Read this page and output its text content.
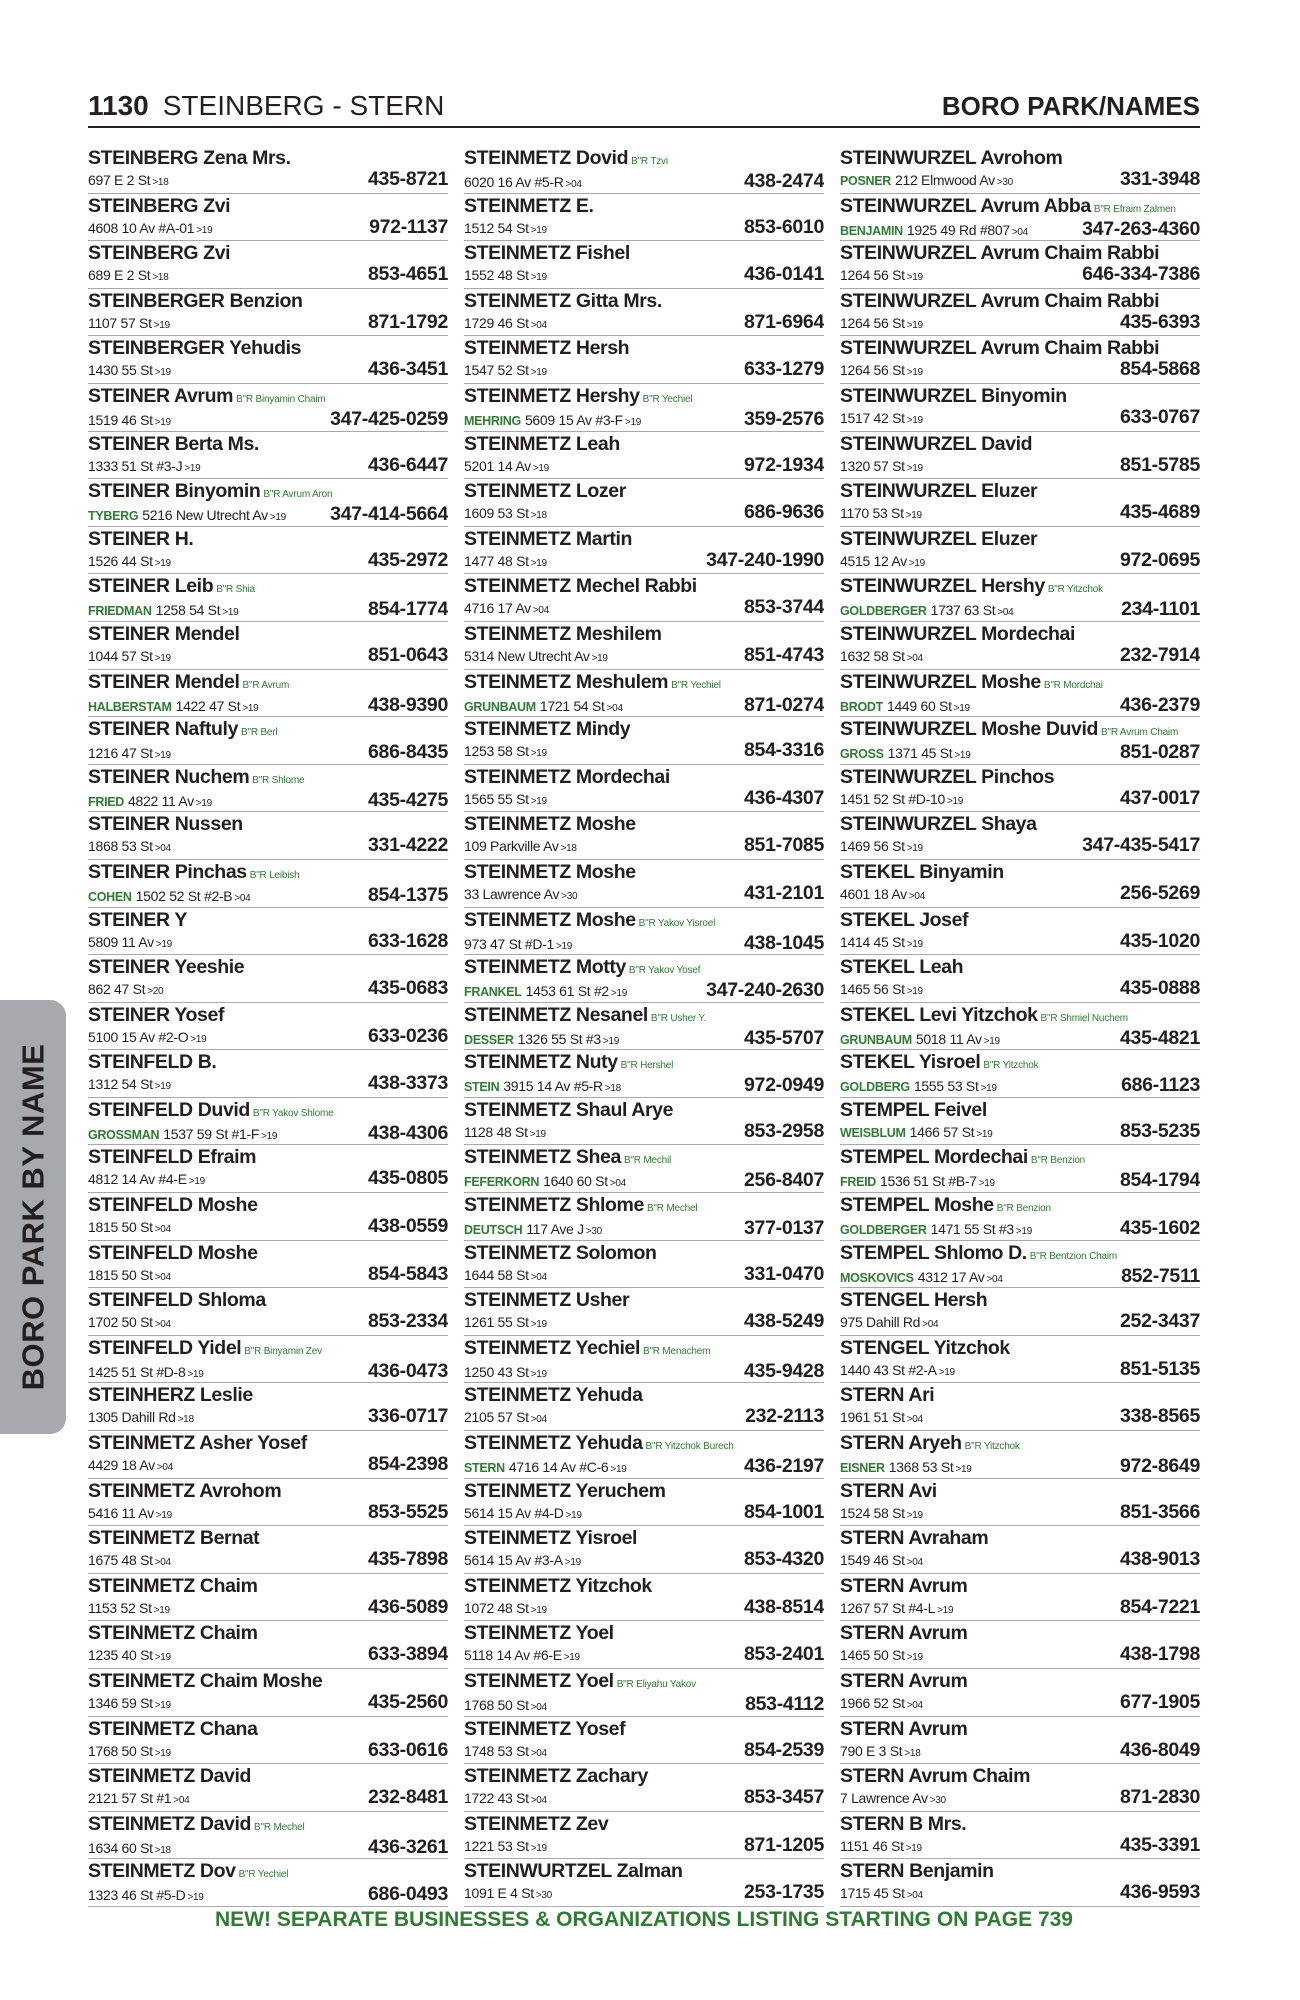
1130 STEINBERG - STERN	BORO PARK/NAMES
STEINBERG Zena Mrs.
697 E 2 St >18	435-8721
STEINBERG Zvi
4608 10 Av #A-01 >19	972-1137
STEINBERG Zvi
689 E 2 St >18	853-4651
STEINBERGER Benzion
1107 57 St >19	871-1792
STEINBERGER Yehudis
1430 55 St >19	436-3451
STEINER Avrum B"R Binyamin Chaim
1519 46 St >19	347-425-0259
STEINER Berta Ms.
1333 51 St #3-J >19	436-6447
STEINER Binyomin B"R Avrum Aron
TYBERG 5216 New Utrecht Av >19 347-414-5664
STEINER H.
1526 44 St >19	435-2972
STEINER Leib B"R Shia
FRIEDMAN 1258 54 St >19	854-1774
STEINER Mendel
1044 57 St >19	851-0643
STEINER Mendel B"R Avrum
HALBERSTAM 1422 47 St >19	438-9390
STEINER Naftuly B"R Berl
1216 47 St >19	686-8435
STEINER Nuchem B"R Shlome
FRIED 4822 11 Av >19	435-4275
STEINER Nussen
1868 53 St >04	331-4222
STEINER Pinchas B"R Leibish
COHEN 1502 52 St #2-B >04	854-1375
STEINER Y
5809 11 Av >19	633-1628
STEINER Yeeshie
862 47 St >20	435-0683
STEINER Yosef
5100 15 Av #2-O >19	633-0236
STEINFELD B.
1312 54 St >19	438-3373
STEINFELD Duvid B"R Yakov Shlome
GROSSMAN 1537 59 St #1-F >19	438-4306
STEINFELD Efraim
4812 14 Av #4-E >19	435-0805
STEINFELD Moshe
1815 50 St >04	438-0559
STEINFELD Moshe
1815 50 St >04	854-5843
STEINFELD Shloma
1702 50 St >04	853-2334
STEINFELD Yidel B"R Binyamin Zev
1425 51 St #D-8 >19	436-0473
STEINHERZ Leslie
1305 Dahill Rd >18	336-0717
STEINMETZ Asher Yosef
4429 18 Av >04	854-2398
STEINMETZ Avrohom
5416 11 Av >19	853-5525
STEINMETZ Bernat
1675 48 St >04	435-7898
STEINMETZ Chaim
1153 52 St >19	436-5089
STEINMETZ Chaim
1235 40 St >19	633-3894
STEINMETZ Chaim Moshe
1346 59 St >19	435-2560
STEINMETZ Chana
1768 50 St >19	633-0616
STEINMETZ David
2121 57 St #1 >04	232-8481
STEINMETZ David B"R Mechel
1634 60 St >18	436-3261
STEINMETZ Dov B"R Yechiel
1323 46 St #5-D >19	686-0493
STEINMETZ Dovid B"R Tzvi
6020 16 Av #5-R >04	438-2474
STEINMETZ E.
1512 54 St >19	853-6010
STEINMETZ Fishel
1552 48 St >19	436-0141
STEINMETZ Gitta Mrs.
1729 46 St >04	871-6964
STEINMETZ Hersh
1547 52 St >19	633-1279
STEINMETZ Hershy B"R Yechiel
MEHRING 5609 15 Av #3-F >19	359-2576
STEINMETZ Leah
5201 14 Av >19	972-1934
STEINMETZ Lozer
1609 53 St >18	686-9636
STEINMETZ Martin
1477 48 St >19	347-240-1990
STEINMETZ Mechel Rabbi
4716 17 Av >04	853-3744
STEINMETZ Meshilem
5314 New Utrecht Av >19	851-4743
STEINMETZ Meshulem B"R Yechiel
GRUNBAUM 1721 54 St >04	871-0274
STEINMETZ Mindy
1253 58 St >19	854-3316
STEINMETZ Mordechai
1565 55 St >19	436-4307
STEINMETZ Moshe
109 Parkville Av >18	851-7085
STEINMETZ Moshe
33 Lawrence Av >30	431-2101
STEINMETZ Moshe B"R Yakov Yisroel
973 47 St #D-1 >19	438-1045
STEINMETZ Motty B"R Yakov Yosef
FRANKEL 1453 61 St #2 >19	347-240-2630
STEINMETZ Nesanel B"R Usher Y.
DESSER 1326 55 St #3 >19	435-5707
STEINMETZ Nuty B"R Hershel
STEIN 3915 14 Av #5-R >18	972-0949
STEINMETZ Shaul Arye
1128 48 St >19	853-2958
STEINMETZ Shea B"R Mechil
FEFERKORN 1640 60 St >04	256-8407
STEINMETZ Shlome B"R Mechel
DEUTSCH 117 Ave J >30	377-0137
STEINMETZ Solomon
1644 58 St >04	331-0470
STEINMETZ Usher
1261 55 St >19	438-5249
STEINMETZ Yechiel B"R Menachem
1250 43 St >19	435-9428
STEINMETZ Yehuda
2105 57 St >04	232-2113
STEINMETZ Yehuda B"R Yitzchok Burech
STERN 4716 14 Av #C-6 >19	436-2197
STEINMETZ Yeruchem
5614 15 Av #4-D >19	854-1001
STEINMETZ Yisroel
5614 15 Av #3-A >19	853-4320
STEINMETZ Yitzchok
1072 48 St >19	438-8514
STEINMETZ Yoel
5118 14 Av #6-E >19	853-2401
STEINMETZ Yoel B"R Eliyahu Yakov
1768 50 St >04	853-4112
STEINMETZ Yosef
1748 53 St >04	854-2539
STEINMETZ Zachary
1722 43 St >04	853-3457
STEINMETZ Zev
1221 53 St >19	871-1205
STEINWURTZEL Zalman
1091 E 4 St >30	253-1735
STEINWURZEL Avrohom
POSNER 212 Elmwood Av >30	331-3948
STEINWURZEL Avrum Abba B"R Efraim Zalmen
BENJAMIN 1925 49 Rd #807 >04	347-263-4360
STEINWURZEL Avrum Chaim Rabbi
1264 56 St >19	646-334-7386
STEINWURZEL Avrum Chaim Rabbi
1264 56 St >19	435-6393
STEINWURZEL Avrum Chaim Rabbi
1264 56 St >19	854-5868
STEINWURZEL Binyomin
1517 42 St >19	633-0767
STEINWURZEL David
1320 57 St >19	851-5785
STEINWURZEL Eluzer
1170 53 St >19	435-4689
STEINWURZEL Eluzer
4515 12 Av >19	972-0695
STEINWURZEL Hershy B"R Yitzchok
GOLDBERGER 1737 63 St >04	234-1101
STEINWURZEL Mordechai
1632 58 St >04	232-7914
STEINWURZEL Moshe B"R Mordchai
BRODT 1449 60 St >19	436-2379
STEINWURZEL Moshe Duvid B"R Avrum Chaim
GROSS 1371 45 St >19	851-0287
STEINWURZEL Pinchos
1451 52 St #D-10 >19	437-0017
STEINWURZEL Shaya
1469 56 St >19	347-435-5417
STEKEL Binyamin
4601 18 Av >04	256-5269
STEKEL Josef
1414 45 St >19	435-1020
STEKEL Leah
1465 56 St >19	435-0888
STEKEL Levi Yitzchok B"R Shmiel Nuchem
GRUNBAUM 5018 11 Av >19	435-4821
STEKEL Yisroel B"R Yitzchok
GOLDBERG 1555 53 St >19	686-1123
STEMPEL Feivel
WEISBLUM 1466 57 St >19	853-5235
STEMPEL Mordechai B"R Benzion
FREID 1536 51 St #B-7 >19	854-1794
STEMPEL Moshe B"R Benzion
GOLDBERGER 1471 55 St #3 >19	435-1602
STEMPEL Shlomo D. B"R Bentzion Chaim
MOSKOVICS 4312 17 Av >04	852-7511
STENGEL Hersh
975 Dahill Rd >04	252-3437
STENGEL Yitzchok
1440 43 St #2-A >19	851-5135
STERN Ari
1961 51 St >04	338-8565
STERN Aryeh B"R Yitzchok
EISNER 1368 53 St >19	972-8649
STERN Avi
1524 58 St >19	851-3566
STERN Avraham
1549 46 St >04	438-9013
STERN Avrum
1267 57 St #4-L >19	854-7221
STERN Avrum
1465 50 St >19	438-1798
STERN Avrum
1966 52 St >04	677-1905
STERN Avrum
790 E 3 St >18	436-8049
STERN Avrum Chaim
7 Lawrence Av >30	871-2830
STERN B Mrs.
1151 46 St >19	435-3391
STERN Benjamin
1715 45 St >04	436-9593
BORO PARK BY NAME
NEW! SEPARATE BUSINESSES & ORGANIZATIONS LISTING STARTING ON PAGE 739
